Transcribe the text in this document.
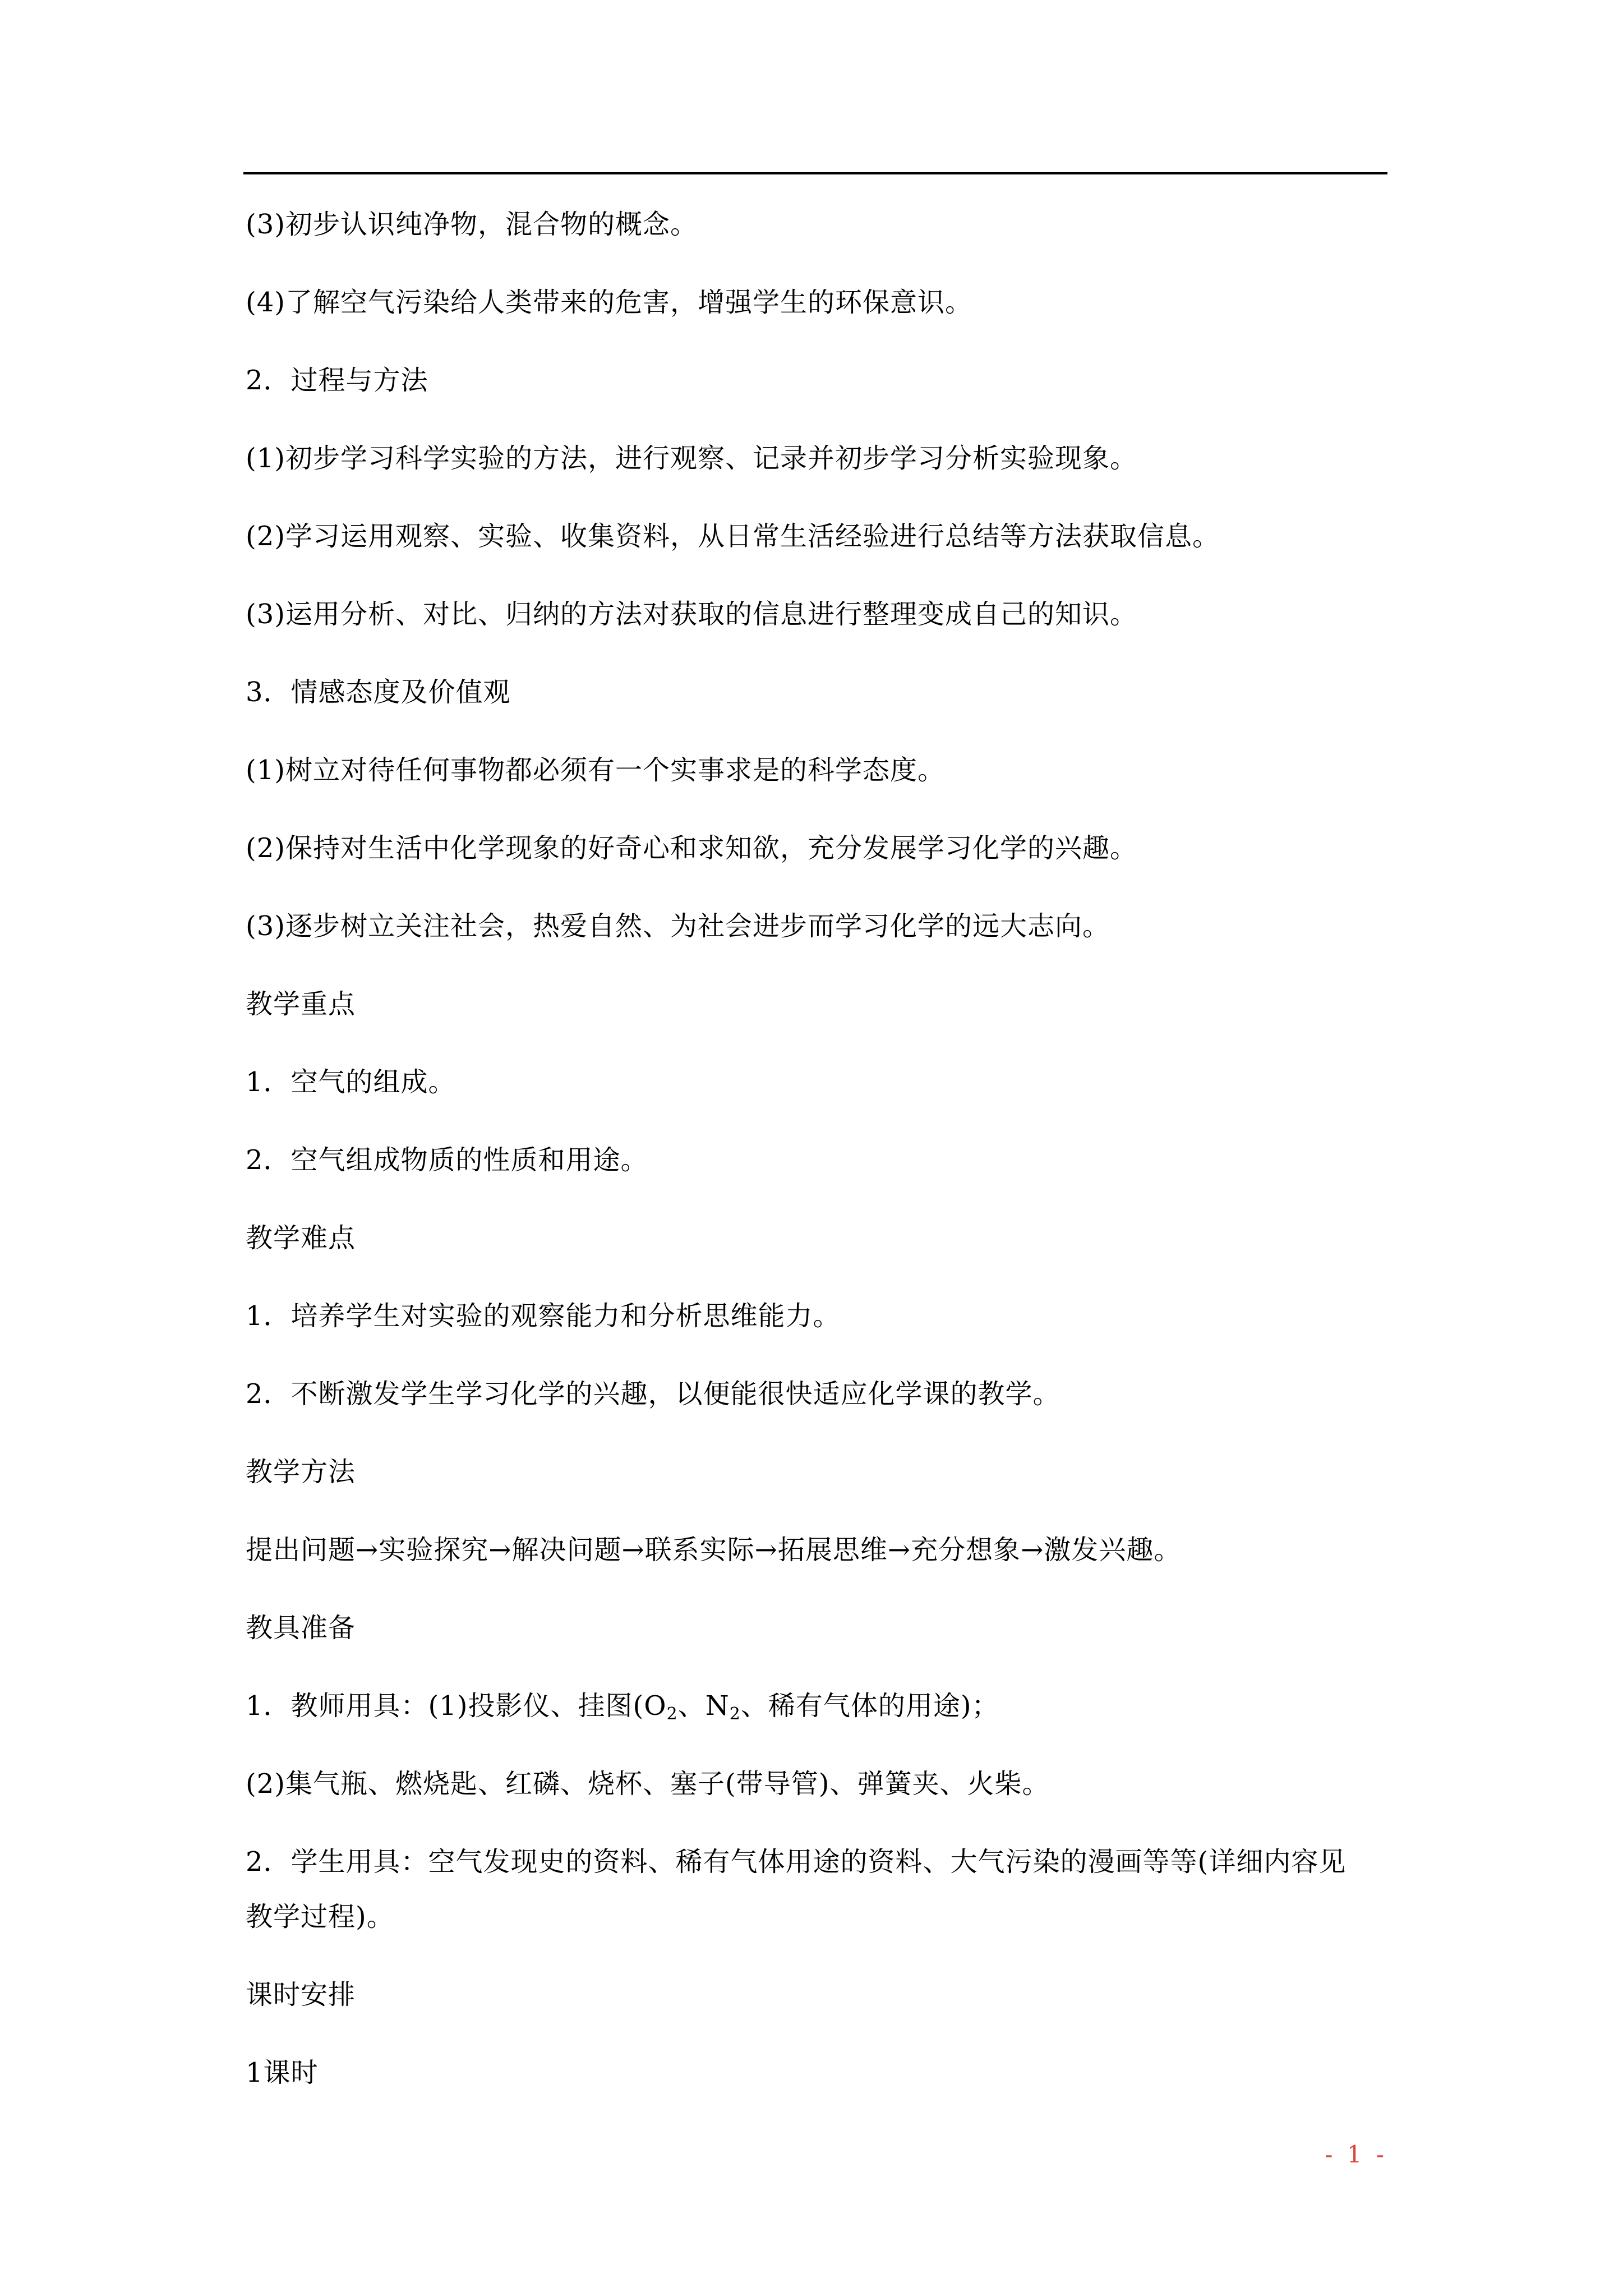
(3)初步认识纯净物，混合物的概念。

(4)了解空气污染给人类带来的危害，增强学生的环保意识。

2．过程与方法

(1)初步学习科学实验的方法，进行观察、记录并初步学习分析实验现象。

(2)学习运用观察、实验、收集资料，从日常生活经验进行总结等方法获取信息。

(3)运用分析、对比、归纳的方法对获取的信息进行整理变成自己的知识。

3．情感态度及价值观

(1)树立对待任何事物都必须有一个实事求是的科学态度。

(2)保持对生活中化学现象的好奇心和求知欲，充分发展学习化学的兴趣。

(3)逐步树立关注社会，热爱自然、为社会进步而学习化学的远大志向。

教学重点

1．空气的组成。

2．空气组成物质的性质和用途。

教学难点

1．培养学生对实验的观察能力和分析思维能力。

2．不断激发学生学习化学的兴趣，以便能很快适应化学课的教学。

教学方法

提出问题→实验探究→解决问题→联系实际→拓展思维→充分想象→激发兴趣。

教具准备

1．教师用具：(1)投影仪、挂图($O_2$、$N_2$、稀有气体的用途)；

(2)集气瓶、燃烧匙、红磷、烧杯、塞子(带导管)、弹簧夹、火柴。

2．学生用具：空气发现史的资料、稀有气体用途的资料、大气污染的漫画等等(详细内容见

教学过程)。

课时安排

1课时

- 1 -
